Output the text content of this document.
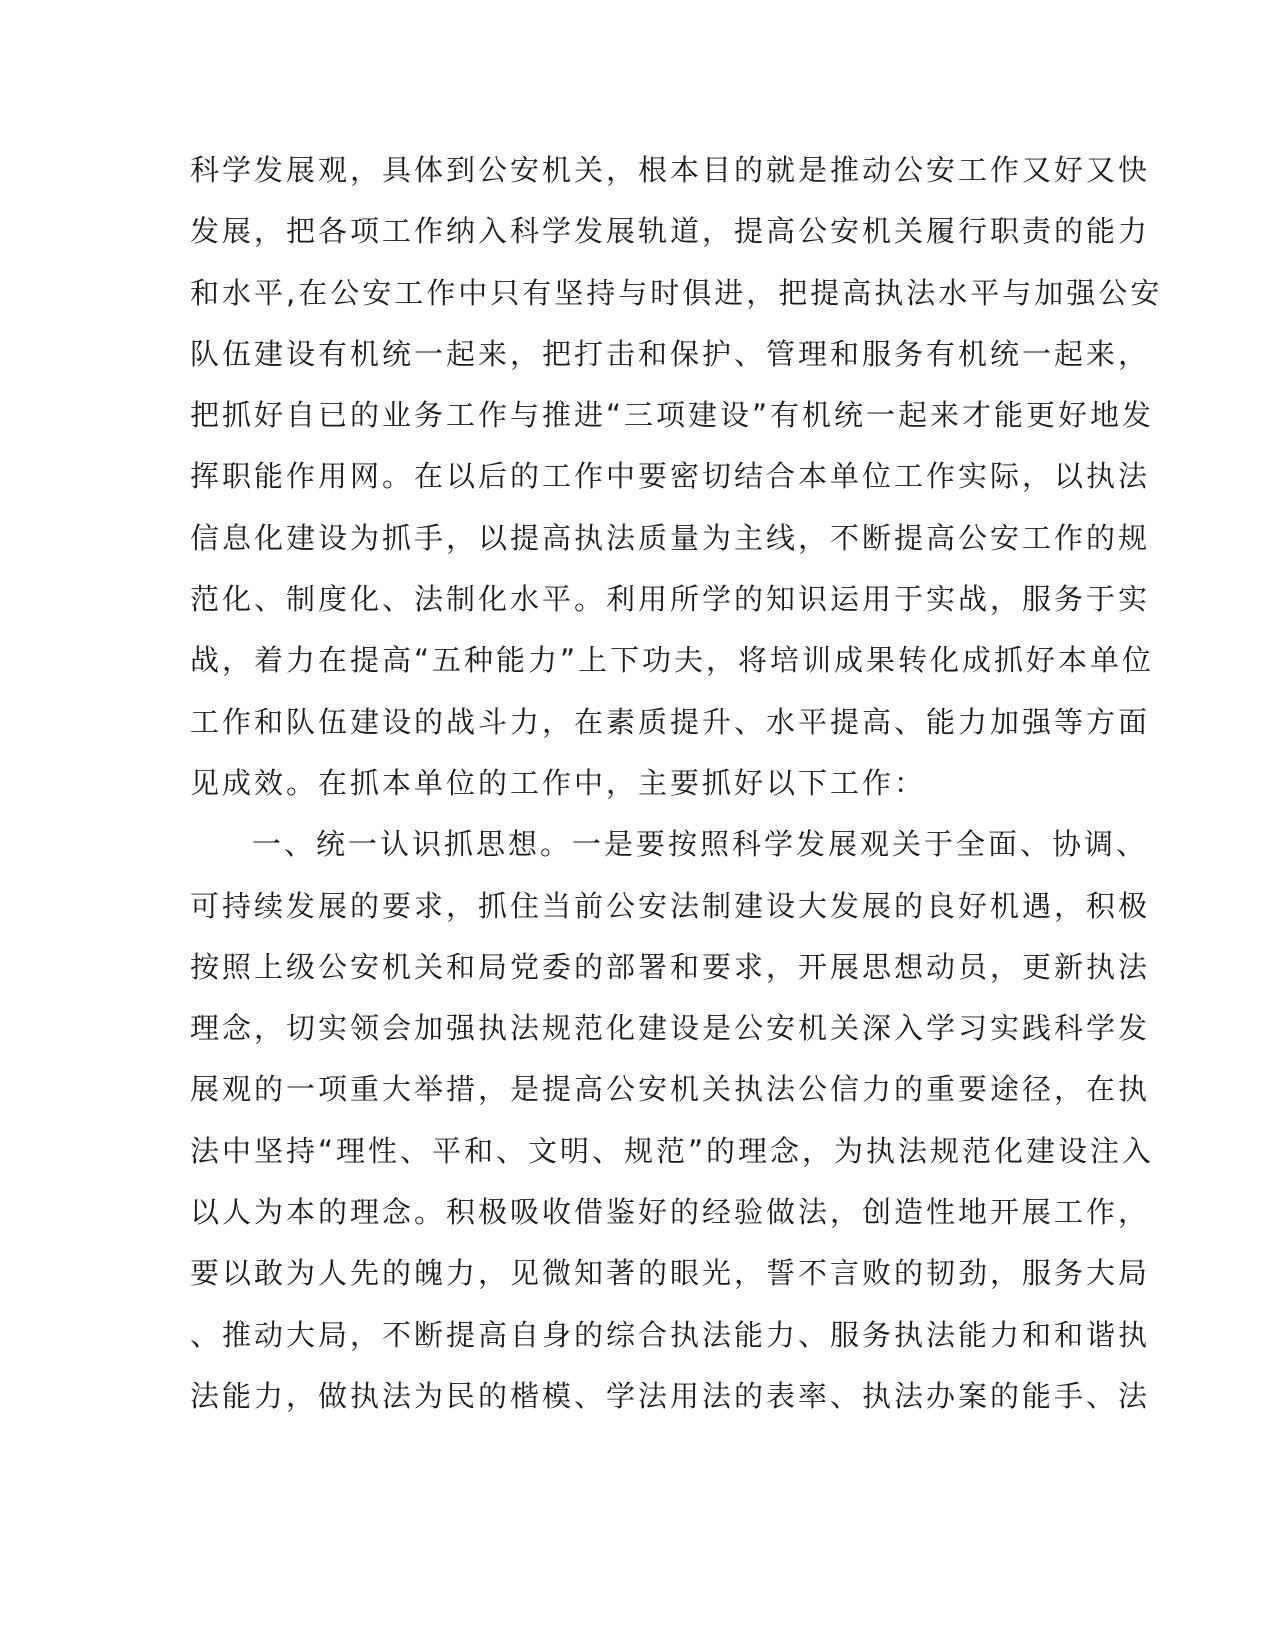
科学发展观，具体到公安机关，根本目的就是推动公安工作又好又快
发展，把各项工作纳入科学发展轨道，提高公安机关履行职责的能力
和水平,在公安工作中只有坚持与时俱进，把提高执法水平与加强公安
队伍建设有机统一起来，把打击和保护、管理和服务有机统一起来，
把抓好自已的业务工作与推进“三项建设”有机统一起来才能更好地发
挥职能作用网。在以后的工作中要密切结合本单位工作实际，以执法
信息化建设为抓手，以提高执法质量为主线，不断提高公安工作的规
范化、制度化、法制化水平。利用所学的知识运用于实战，服务于实
战，着力在提高“五种能力”上下功夫，将培训成果转化成抓好本单位
工作和队伍建设的战斗力，在素质提升、水平提高、能力加强等方面
见成效。在抓本单位的工作中，主要抓好以下工作：
一、统一认识抓思想。一是要按照科学发展观关于全面、协调、
可持续发展的要求，抓住当前公安法制建设大发展的良好机遇，积极
按照上级公安机关和局党委的部署和要求，开展思想动员，更新执法
理念，切实领会加强执法规范化建设是公安机关深入学习实践科学发
展观的一项重大举措，是提高公安机关执法公信力的重要途径，在执
法中坚持“理性、平和、文明、规范”的理念，为执法规范化建设注入
以人为本的理念。积极吸收借鉴好的经验做法，创造性地开展工作，
要以敢为人先的魄力，见微知著的眼光，誓不言败的韧劲，服务大局
、推动大局，不断提高自身的综合执法能力、服务执法能力和和谐执
法能力，做执法为民的楷模、学法用法的表率、执法办案的能手、法
